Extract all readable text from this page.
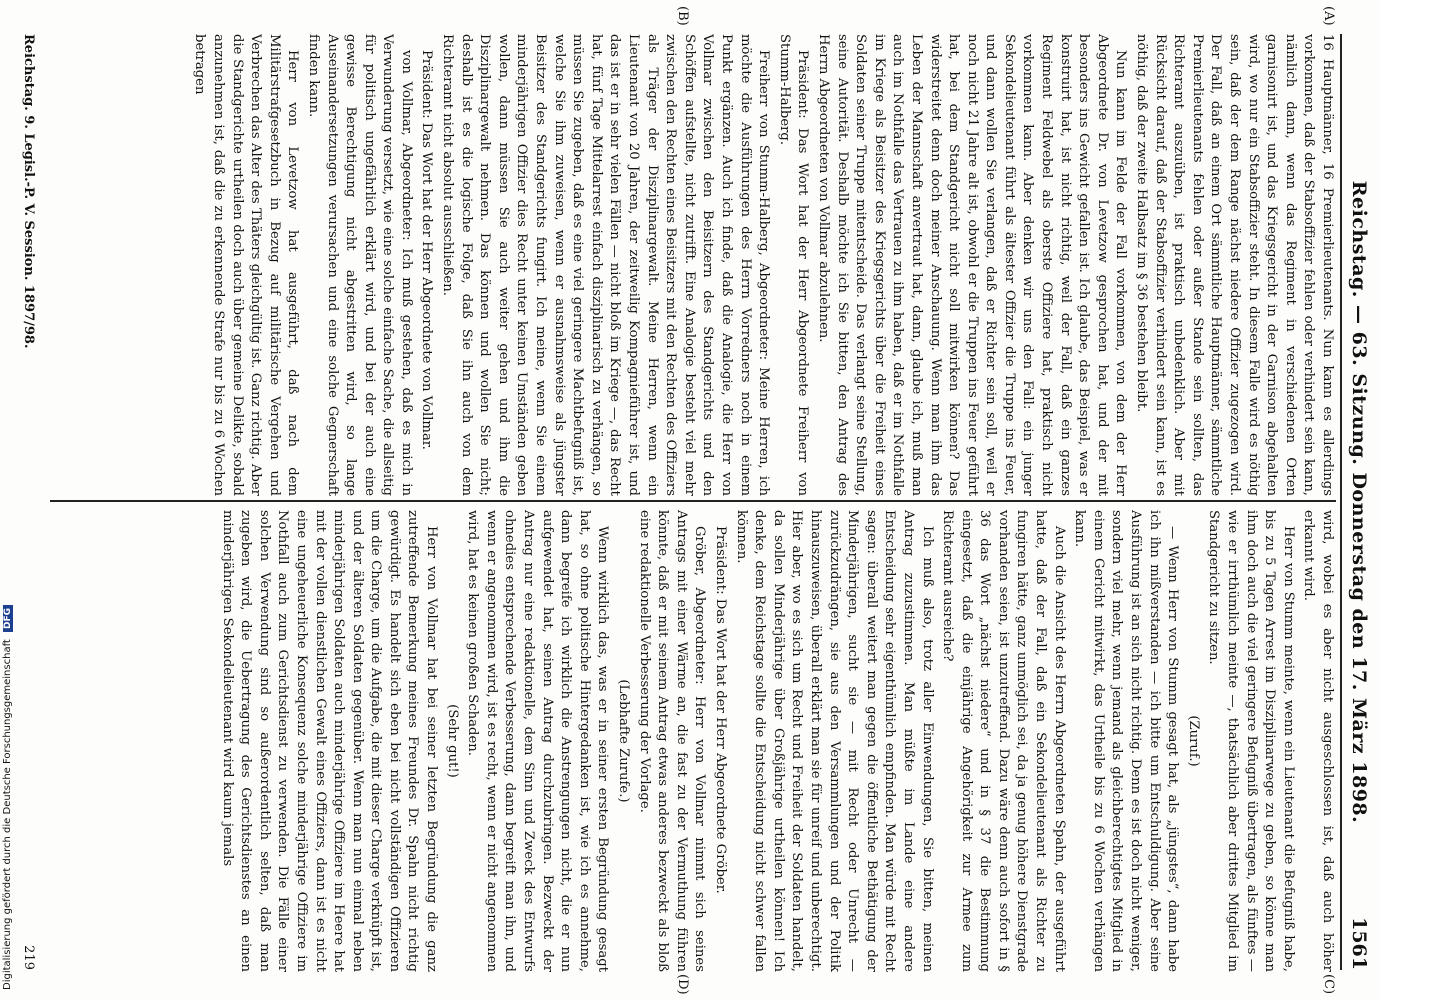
Reichstag. — 63. Sitzung. Donnerstag den 17. März 1898.
1561
(A)
(B)
(C)
(D)

16 Hauptmänner, 16 Premierlieutenants. Nun kann es allerdings vorkommen, daß der Stabsoffizier fehlen oder verhindert sein kann, nämlich dann, wenn das Regiment in verschiedenen Orten garnisonirt ist, und das Kriegsgericht in der Garnison abgehalten wird, wo nur ein Stabsoffizier steht. In diesem Falle wird es nöthig sein, daß der dem Range nächst niedere Offizier zugezogen wird. Der Fall, daß an einem Ort sämmtliche Hauptmänner, sämmtliche Premierlieutenants fehlen oder außer Stande sein sollten, das Richteramt auszuüben, ist praktisch unbedenklich. Aber mit Rücksicht darauf, daß der Stabsoffizier verhindert sein kann, ist es nöthig, daß der zweite Halbsatz im § 36 bestehen bleibt.

Nun kann im Felde der Fall vorkommen, von dem der Herr Abgeordnete Dr. von Levetzow gesprochen hat, und der mit besonders ins Gewicht gefallen ist. Ich glaube, das Beispiel, was er konstruirt hat, ist nicht richtig, weil der Fall, daß ein ganzes Regiment Feldwebel als oberste Offiziere hat, praktisch nicht vorkommen kann. Aber denken wir uns den Fall: ein junger Sekondelieutenant führt als ältester Offizier die Truppe ins Feuer, und dann wollen Sie verlangen, daß er Richter sein soll, weil er noch nicht 21 Jahre alt ist, obwohl er die Truppen ins Feuer geführt hat, bei dem Standgericht nicht soll mitwirken können? Das widerstreitet denn doch meiner Anschauung. Wenn man ihm das Leben der Mannschaft anvertraut hat, dann, glaube ich, muß man auch im Nothfalle das Vertrauen zu ihm haben, daß er im Nothfalle im Kriege als Beisitzer des Kriegsgerichts über die Freiheit eines Soldaten seiner Truppe mitentscheide. Das verlangt seine Stellung, seine Autorität. Deshalb möchte ich Sie bitten, den Antrag des Herrn Abgeordneten von Vollmar abzulehnen.

Präsident: Das Wort hat der Herr Abgeordnete Freiherr von Stumm-Halberg.

Freiherr von Stumm-Halberg, Abgeordneter: Meine Herren, ich möchte die Ausführungen des Herrn Vorredners noch in einem Punkt ergänzen. Auch ich finde, daß die Analogie, die Herr von Vollmar zwischen den Beisitzern des Standgerichts und den Schöffen aufstellte, nicht zutrifft. Eine Analogie besteht viel mehr zwischen den Rechten eines Beisitzers mit den Rechten des Offiziers als Träger der Disziplinargewalt. Meine Herren, wenn ein Lieutenant von 20 Jahren, der zeitweilig Kompagnieführer ist, und das ist er in sehr vielen Fällen — nicht bloß im Kriege —, das Recht hat, fünf Tage Mittelarrest einfach disziplinarisch zu verhängen, so müssen Sie zugeben, daß es eine viel geringere Machtbefugniß ist, welche Sie ihm zuweisen, wenn er ausnahmsweise als jüngster Beisitzer des Standgerichts fungirt. Ich meine, wenn Sie einem minderjährigen Offizier dies Recht unter keinen Umständen geben wollen, dann müssen Sie auch weiter gehen und ihm die Disziplinargewalt nehmen. Das können und wollen Sie nicht; deshalb ist es die logische Folge, daß Sie ihn auch von dem Richteramt nicht absolut ausschließen.

Präsident: Das Wort hat der Herr Abgeordnete von Vollmar.

von Vollmar, Abgeordneter: Ich muß gestehen, daß es mich in Verwunderung versetzt, wie eine solche einfache Sache, die allseitig für politisch ungefährlich erklärt wird, und bei der auch eine gewisse Berechtigung nicht abgestritten wird, so lange Auseinandersetzungen verursachen und eine solche Gegnerschaft finden kann.

Herr von Levetzow hat ausgeführt, daß nach dem Militärstrafgesetzbuch in Bezug auf militärische Vergehen und Verbrechen das Alter des Thäters gleichgültig ist. Ganz richtig. Aber die Standgerichte urtheilen doch auch über gemeine Delikte, sobald anzunehmen ist, daß die zu erkennende Strafe nur bis zu 6 Wochen betragen

wird, wobei es aber nicht ausgeschlossen ist, daß auch höher erkannt wird.

Herr von Stumm meinte, wenn ein Lieutenant die Befugniß habe, bis zu 5 Tagen Arrest im Disziplinarwege zu geben, so könne man ihm doch auch die viel geringere Befugniß übertragen, als fünftes — wie er irrthümlich meinte —, thatsächlich aber drittes Mitglied im Standgericht zu sitzen.

(Zuruf.)

— Wenn Herr von Stumm gesagt hat, als „jüngstes“, dann habe ich ihn mißverstanden — ich bitte um Entschuldigung. Aber seine Ausführung ist an sich nicht richtig. Denn es ist doch nicht weniger, sondern viel mehr, wenn jemand als gleichberechtigtes Mitglied in einem Gericht mitwirkt, das Urtheile bis zu 6 Wochen verhängen kann.

Auch die Ansicht des Herrn Abgeordneten Spahn, der ausgeführt hatte, daß der Fall, daß ein Sekondelieutenant als Richter zu fungiren hätte, ganz unmöglich sei, da ja genug höhere Dienstgrade vorhanden seien, ist unzutreffend. Dazu wäre denn auch sofort in § 36 das Wort „nächst niedere“ und in § 37 die Bestimmung eingesetzt, daß die einjährige Angehörigkeit zur Armee zum Richteramt ausreiche?

Ich muß also, trotz aller Einwendungen, Sie bitten, meinen Antrag zuzustimmen. Man müßte im Lande eine andere Entscheidung sehr eigenthümlich empfinden. Man würde mit Recht sagen: überall weitert man gegen die öffentliche Bethätigung der Minderjährigen, sucht sie — mit Recht oder Unrecht — zurückzudrängen, sie aus den Versammlungen und der Politik hinauszuweisen, überall erklärt man sie für unreif und unberechtigt. Hier aber, wo es sich um Recht und Freiheit der Soldaten handelt, da sollen Minderjährige über Großjährige urtheilen können! Ich denke, dem Reichstage sollte die Entscheidung nicht schwer fallen können.

Präsident: Das Wort hat der Herr Abgeordnete Gröber.

Gröber, Abgeordneter: Herr von Vollmar nimmt sich seines Antrags mit einer Wärme an, die fast zu der Vermuthung führen könnte, daß er mit seinem Antrag etwas anderes bezweckt als bloß eine redaktionelle Verbesserung der Vorlage.

(Lebhafte Zurufe.)

Wenn wirklich das, was er in seiner ersten Begründung gesagt hat, so ohne politische Hintergedanken ist, wie ich es annehme, dann begreife ich wirklich die Anstrengungen nicht, die er nun aufgewendet hat, seinen Antrag durchzubringen. Bezweckt der Antrag nur eine redaktionelle, dem Sinn und Zweck des Entwurfs ohnedies entsprechende Verbesserung, dann begreift man ihn, und wenn er angenommen wird, ist es recht, wenn er nicht angenommen wird, hat es keinen großen Schaden.

(Sehr gut!)

Herr von Vollmar hat bei seiner letzten Begründung die ganz zutreffende Bemerkung meines Freundes Dr. Spahn nicht richtig gewürdigt. Es handelt sich eben bei nicht vollständigen Offizieren um die Charge, um die Aufgabe, die mit dieser Charge verknüpft ist, und der älteren Soldaten gegenüber. Wenn man nun einmal neben minderjährigen Soldaten auch minderjährige Offiziere im Heere hat mit der vollen dienstlichen Gewalt eines Offiziers, dann ist es nicht eine ungeheuerliche Konsequenz solche minderjährige Offiziere im Nothfall auch zum Gerichtsdienst zu verwenden. Die Fälle einer solchen Verwendung sind so außerordentlich selten, daß man zugeben wird, die Uebertragung des Gerichtsdienstes an einen minderjährigen Sekondelieutenant wird kaum jemals

Reichstag. 9. Legisl.-P. V. Session. 1897/98.
219
Digitalisierung gefördert durch die Deutsche Forschungsgemeinschaft DFG
